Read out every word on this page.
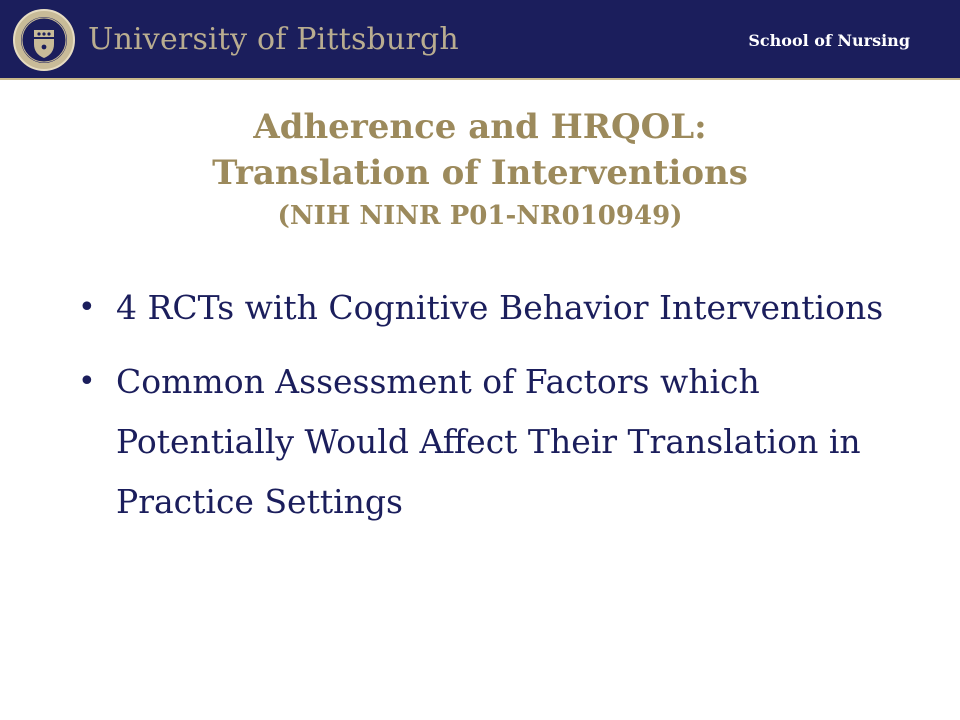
University of Pittsburgh	School of Nursing
Adherence and HRQOL:
Translation of Interventions
(NIH NINR P01-NR010949)
• 4 RCTs with Cognitive Behavior Interventions
• Common Assessment of Factors which Potentially Would Affect Their Translation in Practice Settings
